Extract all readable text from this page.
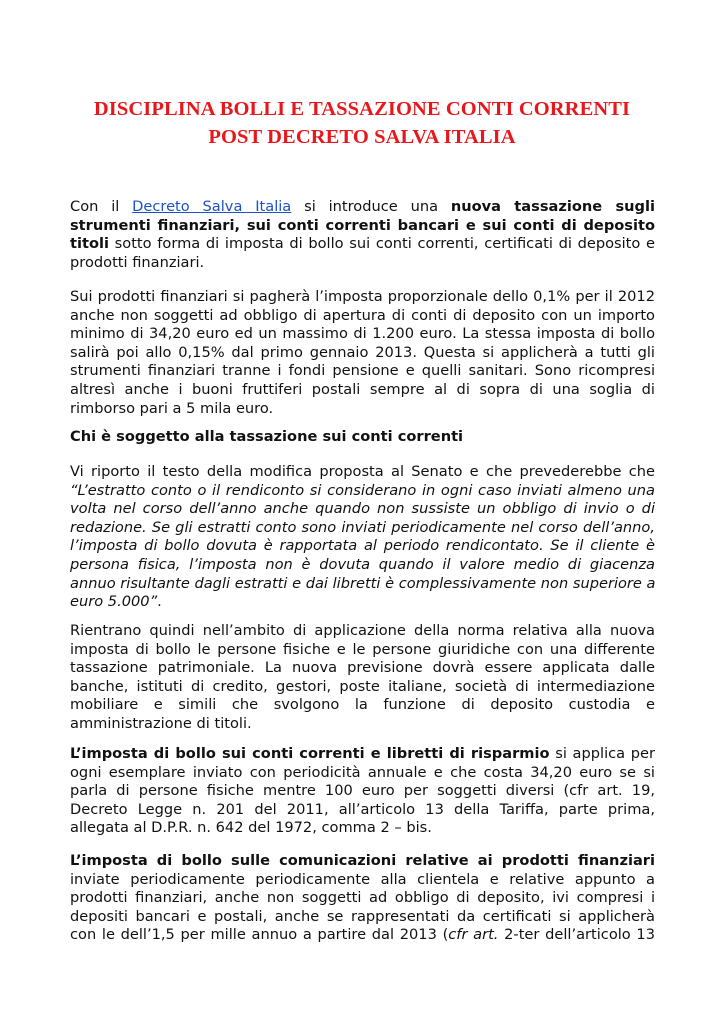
DISCIPLINA BOLLI E TASSAZIONE CONTI CORRENTI
POST DECRETO SALVA ITALIA

Con il Decreto Salva Italia si introduce una nuova tassazione sugli
strumenti finanziari, sui conti correnti bancari e sui conti di deposito
titoli sotto forma di imposta di bollo sui conti correnti, certificati di deposito e
prodotti finanziari.

Sui prodotti finanziari si pagherà l’imposta proporzionale dello 0,1% per il 2012
anche non soggetti ad obbligo di apertura di conti di deposito con un importo
minimo di 34,20 euro ed un massimo di 1.200 euro. La stessa imposta di bollo
salirà poi allo 0,15% dal primo gennaio 2013. Questa si applicherà a tutti gli
strumenti finanziari tranne i fondi pensione e quelli sanitari. Sono ricompresi
altresì anche i buoni fruttiferi postali sempre al di sopra di una soglia di
rimborso pari a 5 mila euro.

Chi è soggetto alla tassazione sui conti correnti

Vi riporto il testo della modifica proposta al Senato e che prevederebbe che
“L’estratto conto o il rendiconto si considerano in ogni caso inviati almeno una
volta nel corso dell’anno anche quando non sussiste un obbligo di invio o di
redazione. Se gli estratti conto sono inviati periodicamente nel corso dell’anno,
l’imposta di bollo dovuta è rapportata al periodo rendicontato. Se il cliente è
persona fisica, l’imposta non è dovuta quando il valore medio di giacenza
annuo risultante dagli estratti e dai libretti è complessivamente non superiore a
euro 5.000”.

Rientrano quindi nell’ambito di applicazione della norma relativa alla nuova
imposta di bollo le persone fisiche e le persone giuridiche con una differente
tassazione patrimoniale. La nuova previsione dovrà essere applicata dalle
banche, istituti di credito, gestori, poste italiane, società di intermediazione
mobiliare e simili che svolgono la funzione di deposito custodia e
amministrazione di titoli.

L’imposta di bollo sui conti correnti e libretti di risparmio si applica per
ogni esemplare inviato con periodicità annuale e che costa 34,20 euro se si
parla di persone fisiche mentre 100 euro per soggetti diversi (cfr art. 19,
Decreto Legge n. 201 del 2011, all’articolo 13 della Tariffa, parte prima,
allegata al D.P.R. n. 642 del 1972, comma 2 – bis.

L’imposta di bollo sulle comunicazioni relative ai prodotti finanziari
inviate periodicamente periodicamente alla clientela e relative appunto a
prodotti finanziari, anche non soggetti ad obbligo di deposito, ivi compresi i
depositi bancari e postali, anche se rappresentati da certificati si applicherà
con le dell’1,5 per mille annuo a partire dal 2013 (cfr art. 2-ter dell’articolo 13
